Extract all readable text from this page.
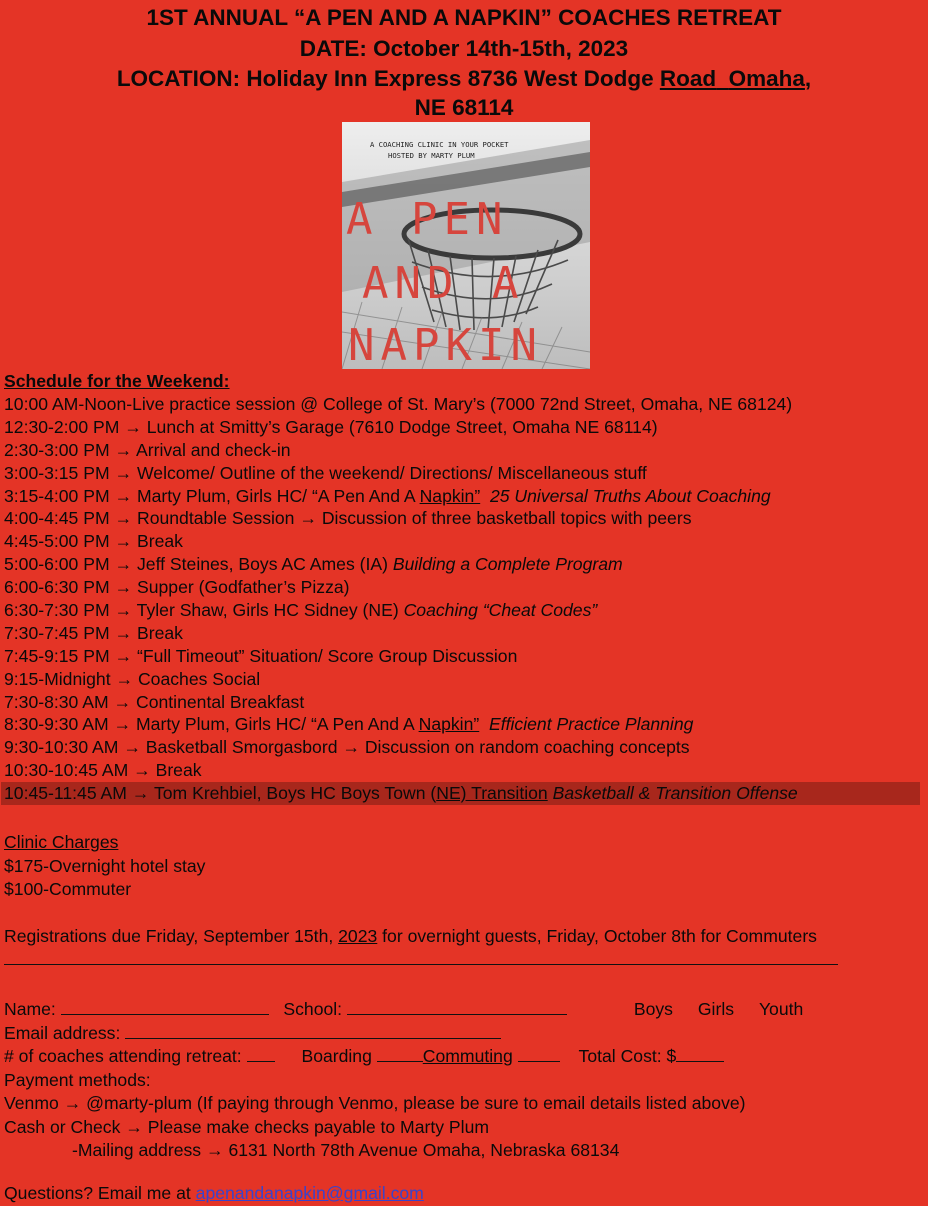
1ST ANNUAL “A PEN AND A NAPKIN” COACHES RETREAT
DATE: October 14th-15th, 2023
LOCATION: Holiday Inn Express 8736 West Dodge Road Omaha,
NE 68114
A COACHING CLINIC IN YOUR POCKET
HOSTED BY MARTY PLUM
A PEN
AND A
NAPKIN
Schedule for the Weekend:
10:00 AM-Noon-Live practice session @ College of St. Mary’s (7000 72nd Street, Omaha, NE 68124)
12:30-2:00 PM → Lunch at Smitty’s Garage (7610 Dodge Street, Omaha NE 68114)
2:30-3:00 PM → Arrival and check-in
3:00-3:15 PM → Welcome/ Outline of the weekend/ Directions/ Miscellaneous stuff
3:15-4:00 PM → Marty Plum, Girls HC/ “A Pen And A Napkin”  25 Universal Truths About Coaching
4:00-4:45 PM → Roundtable Session → Discussion of three basketball topics with peers
4:45-5:00 PM → Break
5:00-6:00 PM → Jeff Steines, Boys AC Ames (IA) Building a Complete Program
6:00-6:30 PM → Supper (Godfather’s Pizza)
6:30-7:30 PM → Tyler Shaw, Girls HC Sidney (NE) Coaching “Cheat Codes”
7:30-7:45 PM → Break
7:45-9:15 PM → “Full Timeout” Situation/ Score Group Discussion
9:15-Midnight → Coaches Social
7:30-8:30 AM → Continental Breakfast
8:30-9:30 AM → Marty Plum, Girls HC/ “A Pen And A Napkin”  Efficient Practice Planning
9:30-10:30 AM → Basketball Smorgasbord → Discussion on random coaching concepts
10:30-10:45 AM → Break
10:45-11:45 AM → Tom Krehbiel, Boys HC Boys Town (NE) Transition Basketball & Transition Offense
Clinic Charges
$175-Overnight hotel stay
$100-Commuter
Registrations due Friday, September 15th, 2023 for overnight guests, Friday, October 8th for Commuters
Name:	School:	Boys Girls Youth
Email address:
# of coaches attending retreat:	Boarding	Commuting	Total Cost: $
Payment methods:
Venmo → @marty-plum (If paying through Venmo, please be sure to email details listed above)
Cash or Check → Please make checks payable to Marty Plum
-Mailing address → 6131 North 78th Avenue Omaha, Nebraska 68134
Questions? Email me at apenandanapkin@gmail.com
